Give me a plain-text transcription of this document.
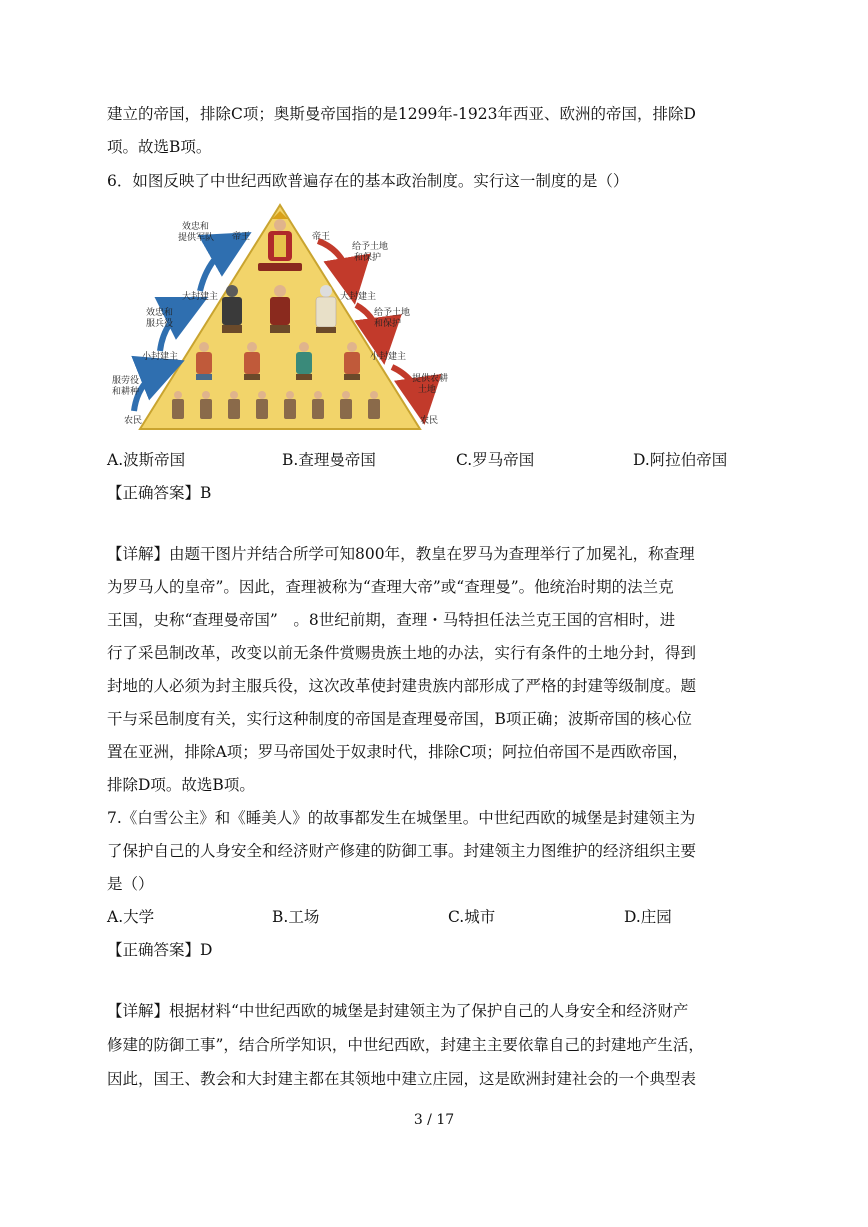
建立的帝国，排除C项；奥斯曼帝国指的是1299年-1923年西亚、欧洲的帝国，排除D
项。故选B项。
6．如图反映了中世纪西欧普遍存在的基本政治制度。实行这一制度的是（）
帝王
效忠和
提供军队
大封建主
效忠和
服兵役
小封建主
服劳役
和耕种
农民
帝王
给予土地
和保护
大封建主
给予土地
和保护
小封建主
提供农耕
土地
农民
A.波斯帝国	B.查理曼帝国	C.罗马帝国	D.阿拉伯帝国
【正确答案】B
【详解】由题干图片并结合所学可知800年，教皇在罗马为查理举行了加冕礼，称查理
为罗马人的皇帝”。因此，查理被称为“查理大帝”或“查理曼”。他统治时期的法兰克
王国，史称“查理曼帝国”　。8世纪前期，查理・马特担任法兰克王国的宫相时，进
行了采邑制改革，改变以前无条件赏赐贵族土地的办法，实行有条件的土地分封，得到
封地的人必须为封主服兵役，这次改革使封建贵族内部形成了严格的封建等级制度。题
干与采邑制度有关，实行这种制度的帝国是查理曼帝国，B项正确；波斯帝国的核心位
置在亚洲，排除A项；罗马帝国处于奴隶时代，排除C项；阿拉伯帝国不是西欧帝国，
排除D项。故选B项。
7.《白雪公主》和《睡美人》的故事都发生在城堡里。中世纪西欧的城堡是封建领主为
了保护自己的人身安全和经济财产修建的防御工事。封建领主力图维护的经济组织主要
是（）
A.大学	B.工场	C.城市	D.庄园
【正确答案】D
【详解】根据材料“中世纪西欧的城堡是封建领主为了保护自己的人身安全和经济财产
修建的防御工事”，结合所学知识，中世纪西欧，封建主主要依靠自己的封建地产生活，
因此，国王、教会和大封建主都在其领地中建立庄园，这是欧洲封建社会的一个典型表
3 / 17
